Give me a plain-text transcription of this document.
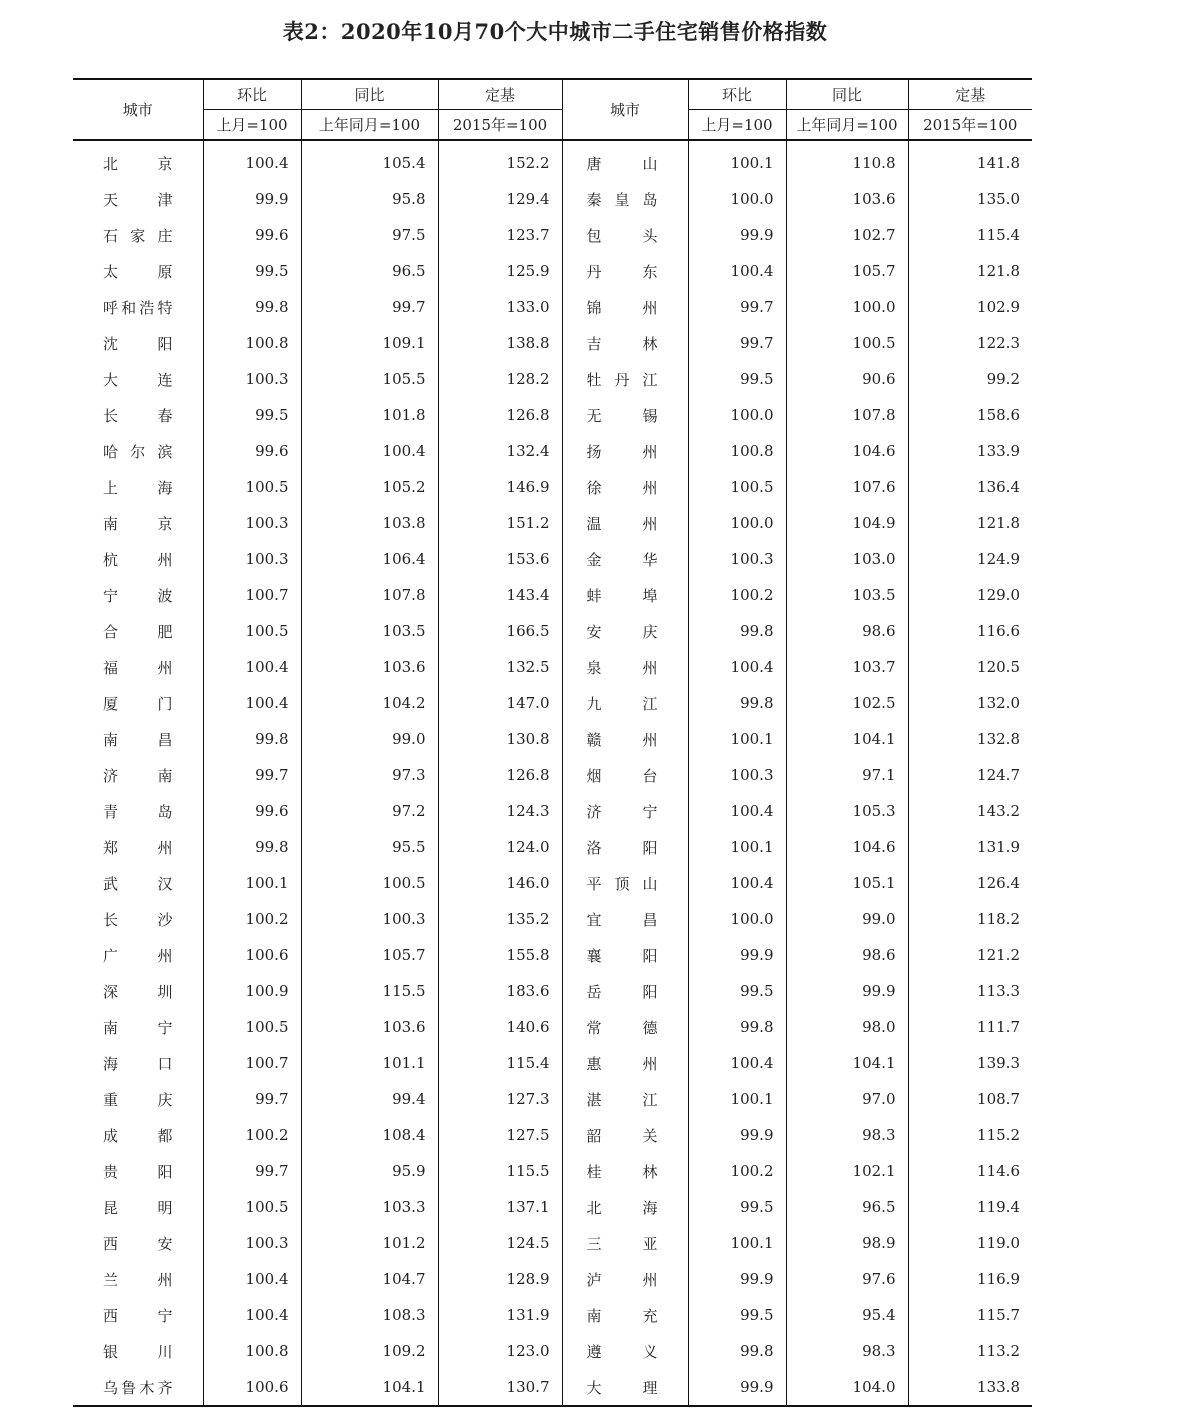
表2：2020年10月70个大中城市二手住宅销售价格指数
城市	环比	同比	定基	城市	环比	同比	定基
	上月=100	上年同月=100	2015年=100		上月=100	上年同月=100	2015年=100
北京	100.4	105.4	152.2	唐山	100.1	110.8	141.8
天津	99.9	95.8	129.4	秦皇岛	100.0	103.6	135.0
石家庄	99.6	97.5	123.7	包头	99.9	102.7	115.4
太原	99.5	96.5	125.9	丹东	100.4	105.7	121.8
呼和浩特	99.8	99.7	133.0	锦州	99.7	100.0	102.9
沈阳	100.8	109.1	138.8	吉林	99.7	100.5	122.3
大连	100.3	105.5	128.2	牡丹江	99.5	90.6	99.2
长春	99.5	101.8	126.8	无锡	100.0	107.8	158.6
哈尔滨	99.6	100.4	132.4	扬州	100.8	104.6	133.9
上海	100.5	105.2	146.9	徐州	100.5	107.6	136.4
南京	100.3	103.8	151.2	温州	100.0	104.9	121.8
杭州	100.3	106.4	153.6	金华	100.3	103.0	124.9
宁波	100.7	107.8	143.4	蚌埠	100.2	103.5	129.0
合肥	100.5	103.5	166.5	安庆	99.8	98.6	116.6
福州	100.4	103.6	132.5	泉州	100.4	103.7	120.5
厦门	100.4	104.2	147.0	九江	99.8	102.5	132.0
南昌	99.8	99.0	130.8	赣州	100.1	104.1	132.8
济南	99.7	97.3	126.8	烟台	100.3	97.1	124.7
青岛	99.6	97.2	124.3	济宁	100.4	105.3	143.2
郑州	99.8	95.5	124.0	洛阳	100.1	104.6	131.9
武汉	100.1	100.5	146.0	平顶山	100.4	105.1	126.4
长沙	100.2	100.3	135.2	宜昌	100.0	99.0	118.2
广州	100.6	105.7	155.8	襄阳	99.9	98.6	121.2
深圳	100.9	115.5	183.6	岳阳	99.5	99.9	113.3
南宁	100.5	103.6	140.6	常德	99.8	98.0	111.7
海口	100.7	101.1	115.4	惠州	100.4	104.1	139.3
重庆	99.7	99.4	127.3	湛江	100.1	97.0	108.7
成都	100.2	108.4	127.5	韶关	99.9	98.3	115.2
贵阳	99.7	95.9	115.5	桂林	100.2	102.1	114.6
昆明	100.5	103.3	137.1	北海	99.5	96.5	119.4
西安	100.3	101.2	124.5	三亚	100.1	98.9	119.0
兰州	100.4	104.7	128.9	泸州	99.9	97.6	116.9
西宁	100.4	108.3	131.9	南充	99.5	95.4	115.7
银川	100.8	109.2	123.0	遵义	99.8	98.3	113.2
乌鲁木齐	100.6	104.1	130.7	大理	99.9	104.0	133.8
